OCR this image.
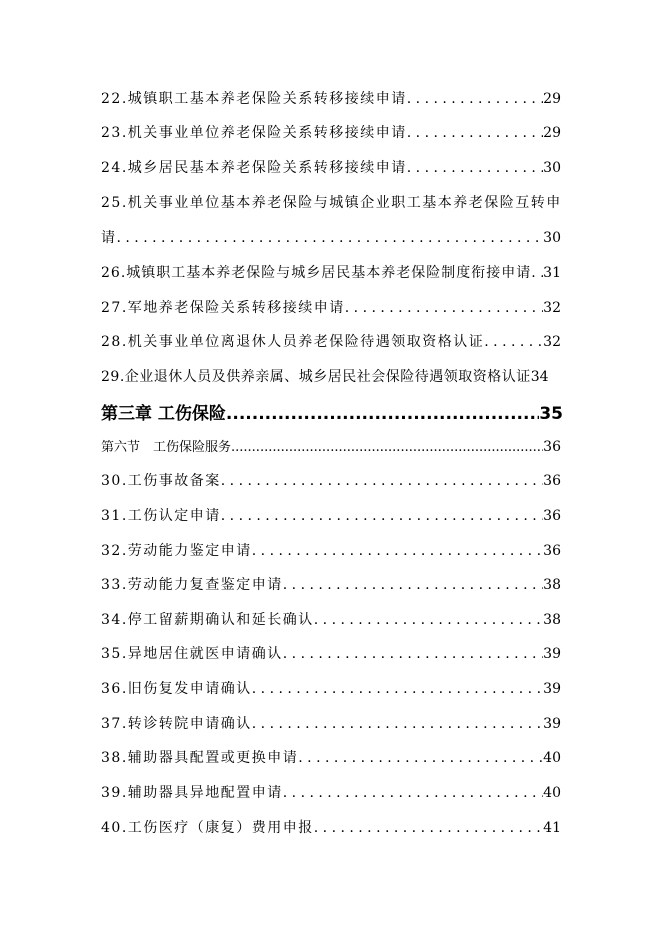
22.城镇职工基本养老保险关系转移接续申请 . . .	29
23.机关事业单位养老保险关系转移接续申请 . . .	29
24.城乡居民基本养老保险关系转移接续申请 . . .	30
25.机关事业单位基本养老保险与城镇企业职工基本养老保险互转申
请 . . .	30
26.城镇职工基本养老保险与城乡居民基本养老保险制度衔接申请 . . . 31
27.军地养老保险关系转移接续申请 . . .	32
28.机关事业单位离退休人员养老保险待遇领取资格认证 . . .	32
29.企业退休人员及供养亲属、城乡居民社会保险待遇领取资格认证 34
第三章 工伤保险 .....	35
第六节　工伤保险服务 .....	36
30.工伤事故备案 . . .	36
31.工伤认定申请 . . .	36
32.劳动能力鉴定申请 . . .	36
33.劳动能力复查鉴定申请 . . .	38
34.停工留薪期确认和延长确认 . . .	38
35.异地居住就医申请确认 . . .	39
36.旧伤复发申请确认 . . .	39
37.转诊转院申请确认 . . .	39
38.辅助器具配置或更换申请 . . .	40
39.辅助器具异地配置申请 . . .	40
40.工伤医疗（康复）费用申报 . . .	41
